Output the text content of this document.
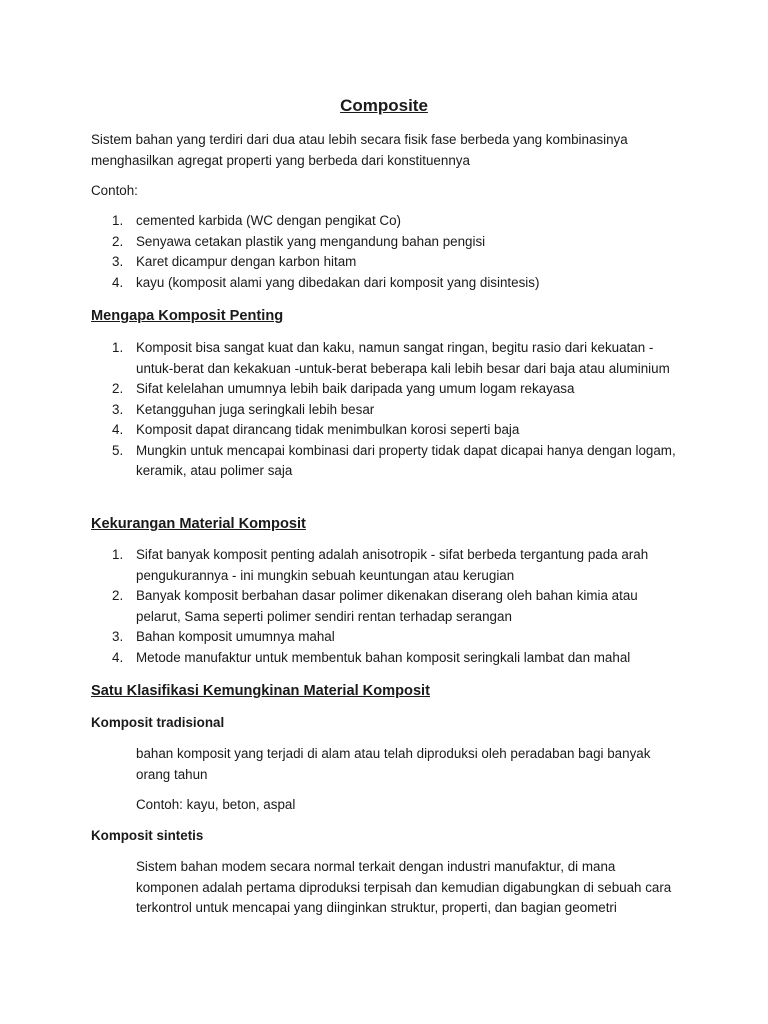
Composite

Sistem bahan yang terdiri dari dua atau lebih secara fisik fase berbeda yang kombinasinya menghasilkan agregat properti yang berbeda dari konstituennya

Contoh:

1. cemented karbida (WC dengan pengikat Co)
2. Senyawa cetakan plastik yang mengandung bahan pengisi
3. Karet dicampur dengan karbon hitam
4. kayu (komposit alami yang dibedakan dari komposit yang disintesis)
Mengapa Komposit Penting
1. Komposit bisa sangat kuat dan kaku, namun sangat ringan, begitu rasio dari kekuatan -untuk-berat dan kekakuan -untuk-berat beberapa kali lebih besar dari baja atau aluminium
2. Sifat kelelahan umumnya lebih baik daripada yang umum logam rekayasa
3. Ketangguhan juga seringkali lebih besar
4. Komposit dapat dirancang tidak menimbulkan korosi seperti baja
5. Mungkin untuk mencapai kombinasi dari property tidak dapat dicapai hanya dengan logam, keramik, atau polimer saja
Kekurangan Material Komposit
1. Sifat banyak komposit penting adalah anisotropik - sifat berbeda tergantung pada arah pengukurannya - ini mungkin sebuah keuntungan atau kerugian
2. Banyak komposit berbahan dasar polimer dikenakan diserang oleh bahan kimia atau pelarut, Sama seperti polimer sendiri rentan terhadap serangan
3. Bahan komposit umumnya mahal
4. Metode manufaktur untuk membentuk bahan komposit seringkali lambat dan mahal
Satu Klasifikasi Kemungkinan Material Komposit
Komposit tradisional

bahan komposit yang terjadi di alam atau telah diproduksi oleh peradaban bagi banyak orang tahun

Contoh: kayu, beton, aspal

Komposit sintetis

Sistem bahan modem secara normal terkait dengan industri manufaktur, di mana komponen adalah pertama diproduksi terpisah dan kemudian digabungkan di sebuah cara terkontrol untuk mencapai yang diinginkan struktur, properti, dan bagian geometri
